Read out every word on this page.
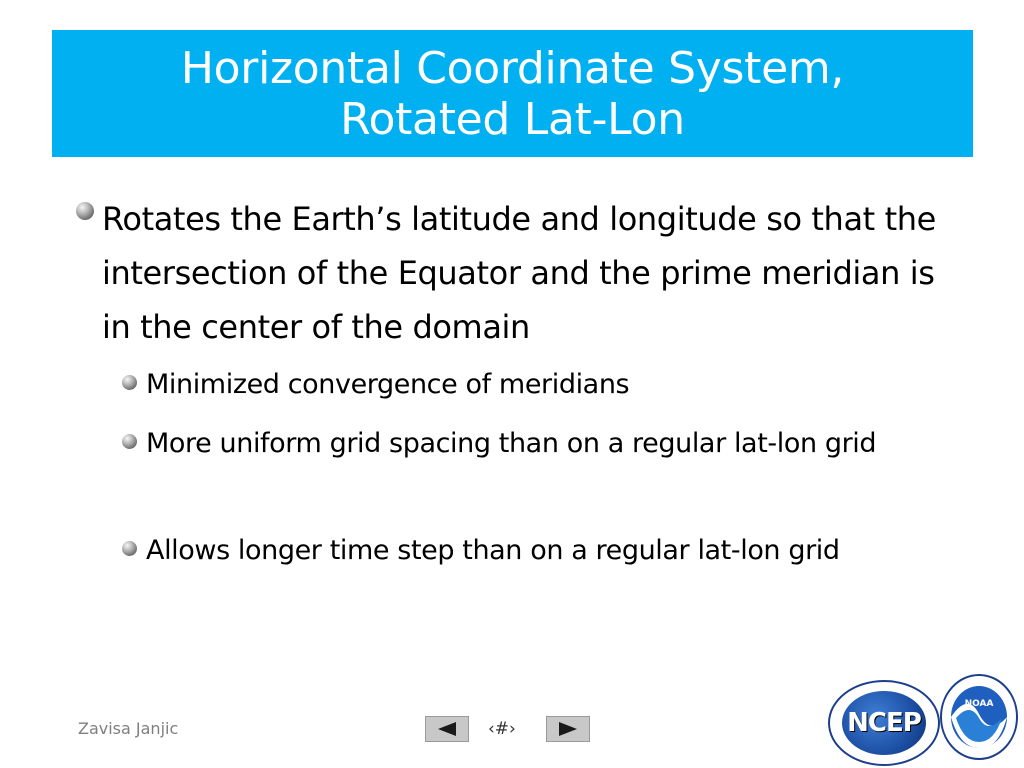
Horizontal Coordinate System,
Rotated Lat-Lon
Rotates the Earth’s latitude and longitude so that the intersection of the Equator and the prime meridian is in the center of the domain
Minimized convergence of meridians
More uniform grid spacing than on a regular lat-lon grid
Allows longer time step than on a regular lat-lon grid
Zavisa Janjic	‹#›	NCEP
NOAA
